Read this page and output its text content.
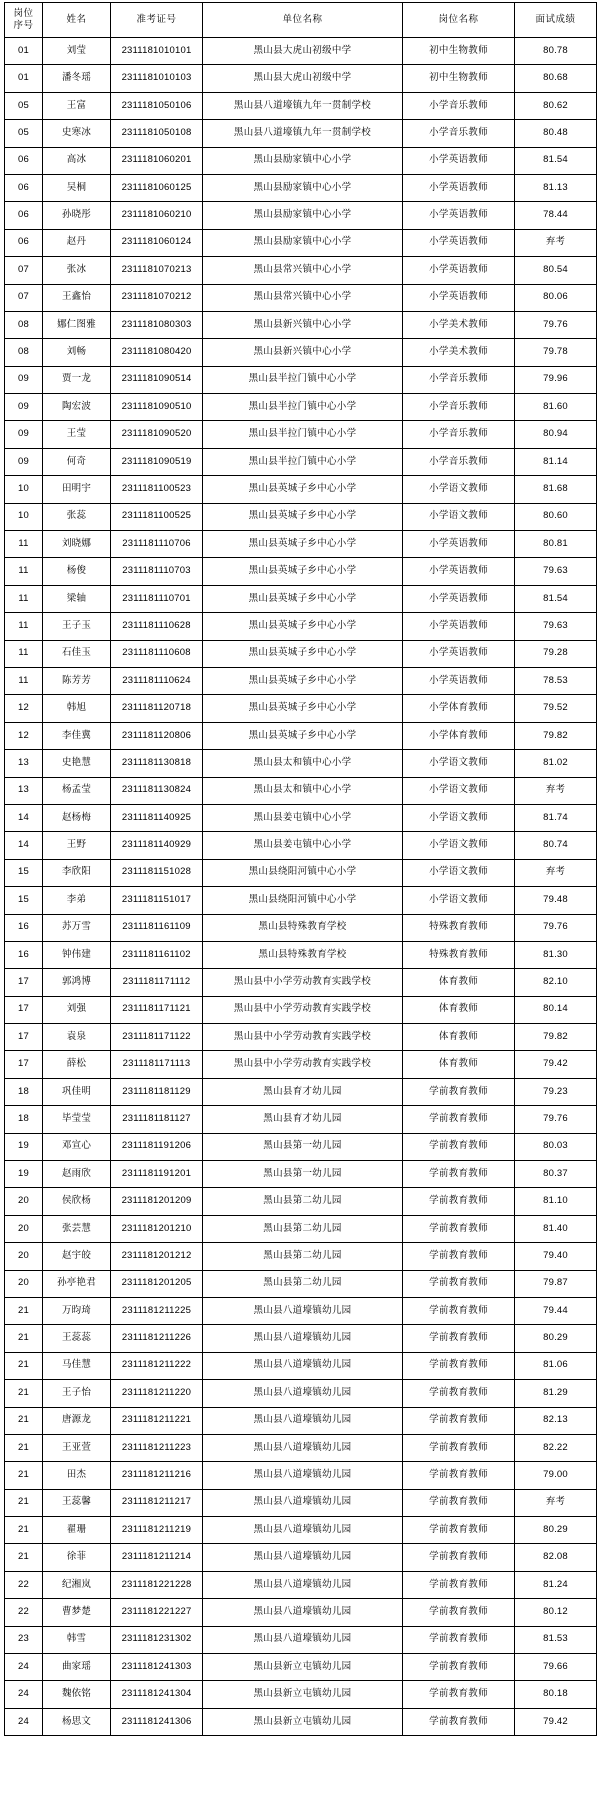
岗位
序号	姓名	准考证号	单位名称	岗位名称	面试成绩
01	刘莹	2311181010101	黑山县大虎山初级中学	初中生物教师	80.78
01	潘冬瑶	2311181010103	黑山县大虎山初级中学	初中生物教师	80.68
05	王富	2311181050106	黑山县八道壕镇九年一贯制学校	小学音乐教师	80.62
05	史寒冰	2311181050108	黑山县八道壕镇九年一贯制学校	小学音乐教师	80.48
06	高冰	2311181060201	黑山县励家镇中心小学	小学英语教师	81.54
06	吴桐	2311181060125	黑山县励家镇中心小学	小学英语教师	81.13
06	孙晓彤	2311181060210	黑山县励家镇中心小学	小学英语教师	78.44
06	赵丹	2311181060124	黑山县励家镇中心小学	小学英语教师	弃考
07	张冰	2311181070213	黑山县常兴镇中心小学	小学英语教师	80.54
07	王鑫怡	2311181070212	黑山县常兴镇中心小学	小学英语教师	80.06
08	娜仁图雅	2311181080303	黑山县新兴镇中心小学	小学美术教师	79.76
08	刘畅	2311181080420	黑山县新兴镇中心小学	小学美术教师	79.78
09	贾一龙	2311181090514	黑山县半拉门镇中心小学	小学音乐教师	79.96
09	陶宏波	2311181090510	黑山县半拉门镇中心小学	小学音乐教师	81.60
09	王莹	2311181090520	黑山县半拉门镇中心小学	小学音乐教师	80.94
09	何奇	2311181090519	黑山县半拉门镇中心小学	小学音乐教师	81.14
10	田明宇	2311181100523	黑山县英城子乡中心小学	小学语文教师	81.68
10	张蕊	2311181100525	黑山县英城子乡中心小学	小学语文教师	80.60
11	刘晓娜	2311181110706	黑山县英城子乡中心小学	小学英语教师	80.81
11	杨俊	2311181110703	黑山县英城子乡中心小学	小学英语教师	79.63
11	梁轴	2311181110701	黑山县英城子乡中心小学	小学英语教师	81.54
11	王子玉	2311181110628	黑山县英城子乡中心小学	小学英语教师	79.63
11	石佳玉	2311181110608	黑山县英城子乡中心小学	小学英语教师	79.28
11	陈芳芳	2311181110624	黑山县英城子乡中心小学	小学英语教师	78.53
12	韩旭	2311181120718	黑山县英城子乡中心小学	小学体育教师	79.52
12	李佳冀	2311181120806	黑山县英城子乡中心小学	小学体育教师	79.82
13	史艳慧	2311181130818	黑山县太和镇中心小学	小学语文教师	81.02
13	杨孟莹	2311181130824	黑山县太和镇中心小学	小学语文教师	弃考
14	赵杨梅	2311181140925	黑山县姜屯镇中心小学	小学语文教师	81.74
14	王野	2311181140929	黑山县姜屯镇中心小学	小学语文教师	80.74
15	李欣阳	2311181151028	黑山县绕阳河镇中心小学	小学语文教师	弃考
15	李弟	2311181151017	黑山县绕阳河镇中心小学	小学语文教师	79.48
16	苏万雪	2311181161109	黑山县特殊教育学校	特殊教育教师	79.76
16	钟伟建	2311181161102	黑山县特殊教育学校	特殊教育教师	81.30
17	郭鸿博	2311181171112	黑山县中小学劳动教育实践学校	体育教师	82.10
17	刘强	2311181171121	黑山县中小学劳动教育实践学校	体育教师	80.14
17	袁泉	2311181171122	黑山县中小学劳动教育实践学校	体育教师	79.82
17	薛松	2311181171113	黑山县中小学劳动教育实践学校	体育教师	79.42
18	巩佳明	2311181181129	黑山县育才幼儿园	学前教育教师	79.23
18	毕莹莹	2311181181127	黑山县育才幼儿园	学前教育教师	79.76
19	邓宣心	2311181191206	黑山县第一幼儿园	学前教育教师	80.03
19	赵雨欣	2311181191201	黑山县第一幼儿园	学前教育教师	80.37
20	侯欣杨	2311181201209	黑山县第二幼儿园	学前教育教师	81.10
20	张芸慧	2311181201210	黑山县第二幼儿园	学前教育教师	81.40
20	赵宇皎	2311181201212	黑山县第二幼儿园	学前教育教师	79.40
20	孙亭艳君	2311181201205	黑山县第二幼儿园	学前教育教师	79.87
21	万昀琦	2311181211225	黑山县八道壕镇幼儿园	学前教育教师	79.44
21	王蕊蕊	2311181211226	黑山县八道壕镇幼儿园	学前教育教师	80.29
21	马佳慧	2311181211222	黑山县八道壕镇幼儿园	学前教育教师	81.06
21	王子怡	2311181211220	黑山县八道壕镇幼儿园	学前教育教师	81.29
21	唐源龙	2311181211221	黑山县八道壕镇幼儿园	学前教育教师	82.13
21	王亚萱	2311181211223	黑山县八道壕镇幼儿园	学前教育教师	82.22
21	田杰	2311181211216	黑山县八道壕镇幼儿园	学前教育教师	79.00
21	王蕊馨	2311181211217	黑山县八道壕镇幼儿园	学前教育教师	弃考
21	翟珊	2311181211219	黑山县八道壕镇幼儿园	学前教育教师	80.29
21	徐菲	2311181211214	黑山县八道壕镇幼儿园	学前教育教师	82.08
22	纪湘岚	2311181221228	黑山县八道壕镇幼儿园	学前教育教师	81.24
22	曹梦楚	2311181221227	黑山县八道壕镇幼儿园	学前教育教师	80.12
23	韩雪	2311181231302	黑山县八道壕镇幼儿园	学前教育教师	81.53
24	曲家瑶	2311181241303	黑山县新立屯镇幼儿园	学前教育教师	79.66
24	魏依铭	2311181241304	黑山县新立屯镇幼儿园	学前教育教师	80.18
24	杨思文	2311181241306	黑山县新立屯镇幼儿园	学前教育教师	79.42
